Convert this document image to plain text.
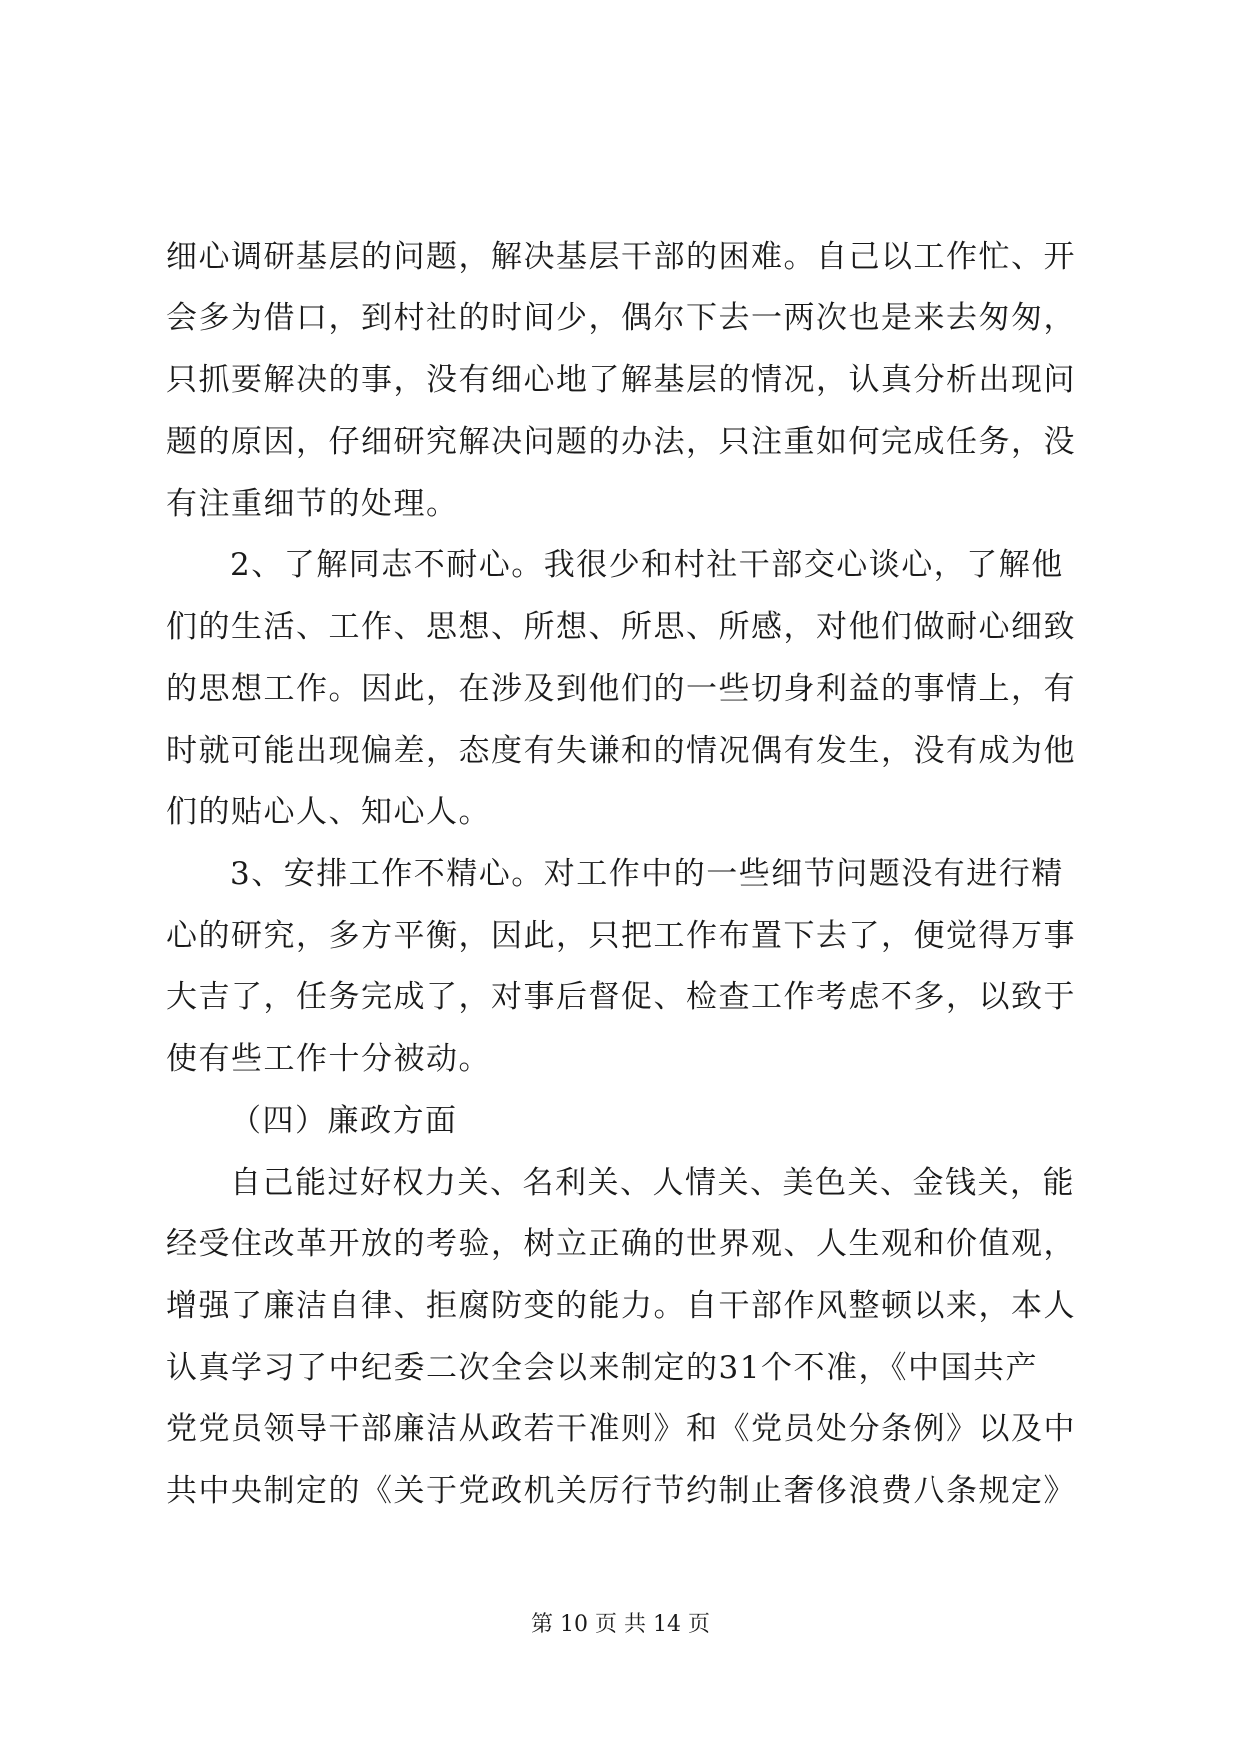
细心调研基层的问题，解决基层干部的困难。自己以工作忙、开
会多为借口，到村社的时间少，偶尔下去一两次也是来去匆匆，
只抓要解决的事，没有细心地了解基层的情况，认真分析出现问
题的原因，仔细研究解决问题的办法，只注重如何完成任务，没
有注重细节的处理。
2、了解同志不耐心。我很少和村社干部交心谈心，了解他
们的生活、工作、思想、所想、所思、所感，对他们做耐心细致
的思想工作。因此，在涉及到他们的一些切身利益的事情上，有
时就可能出现偏差，态度有失谦和的情况偶有发生，没有成为他
们的贴心人、知心人。
3、安排工作不精心。对工作中的一些细节问题没有进行精
心的研究，多方平衡，因此，只把工作布置下去了，便觉得万事
大吉了，任务完成了，对事后督促、检查工作考虑不多，以致于
使有些工作十分被动。
（四）廉政方面
自己能过好权力关、名利关、人情关、美色关、金钱关，能
经受住改革开放的考验，树立正确的世界观、人生观和价值观，
增强了廉洁自律、拒腐防变的能力。自干部作风整顿以来，本人
认真学习了中纪委二次全会以来制定的31个不准，《中国共产
党党员领导干部廉洁从政若干准则》和《党员处分条例》以及中
共中央制定的《关于党政机关厉行节约制止奢侈浪费八条规定》
第 10 页 共 14 页
